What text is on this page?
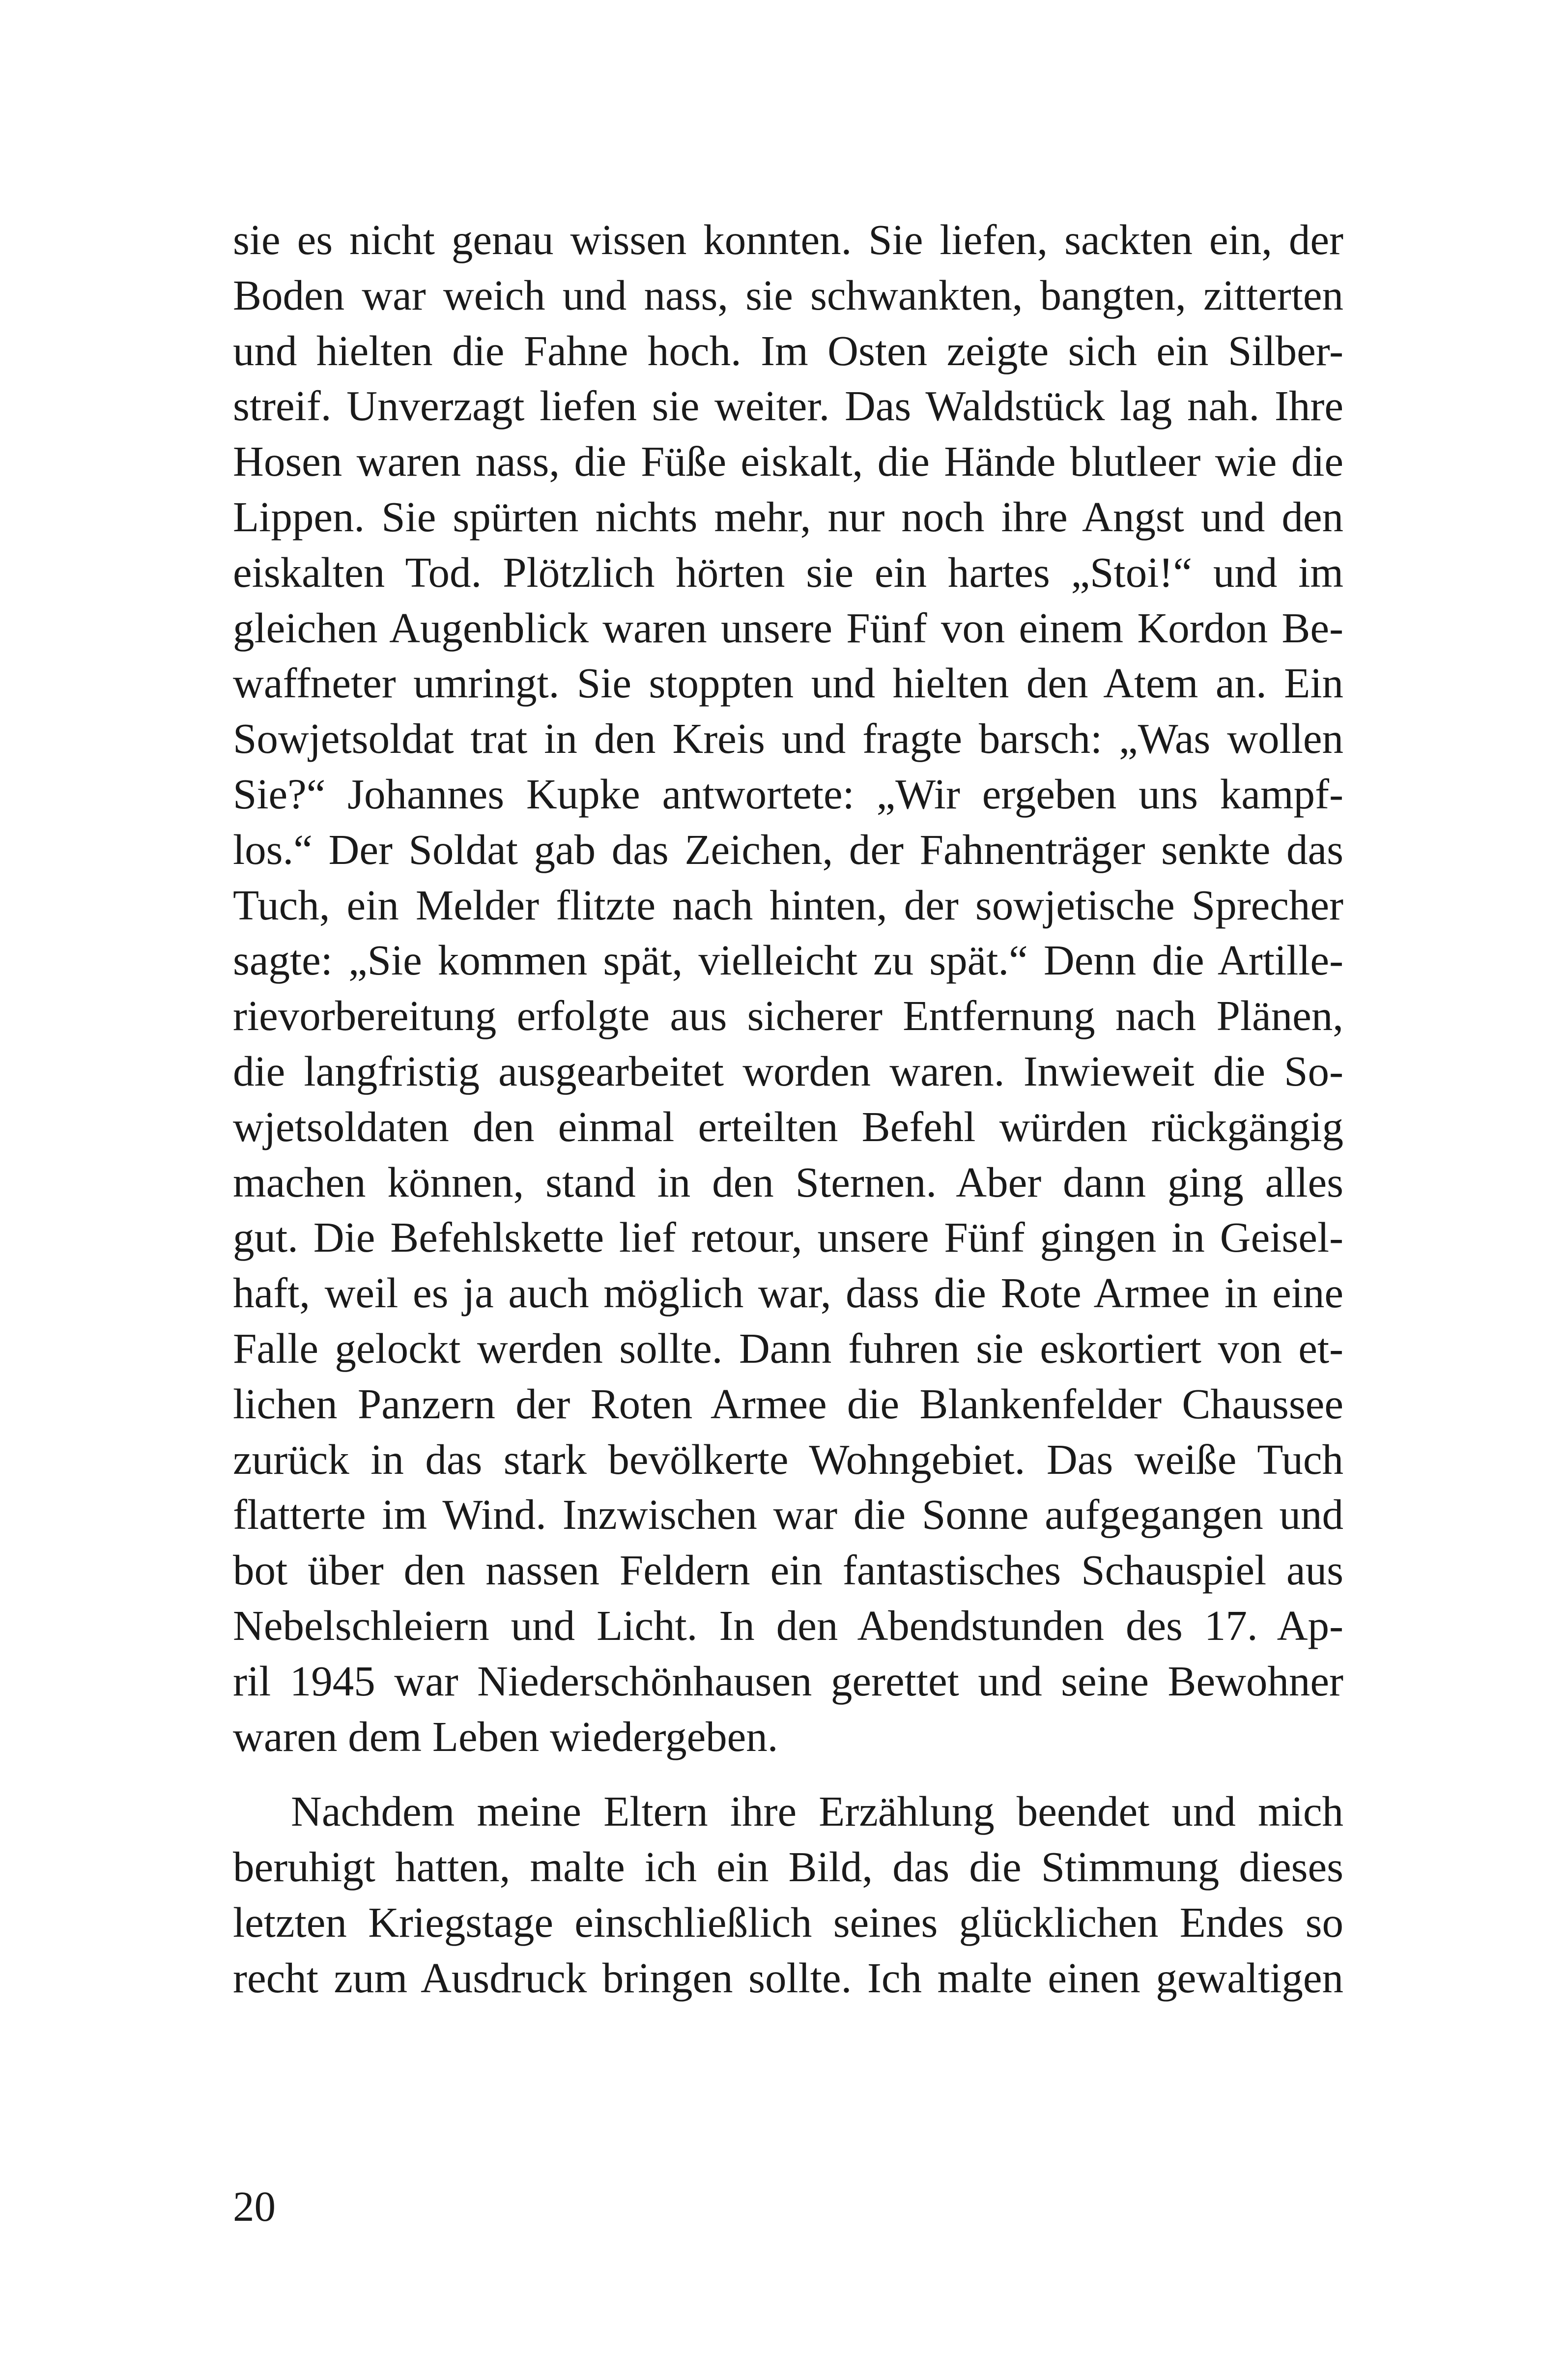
sie es nicht genau wissen konnten. Sie liefen, sackten ein, der
Boden war weich und nass, sie schwankten, bangten, zitterten
und hielten die Fahne hoch. Im Osten zeigte sich ein Silber-
streif. Unverzagt liefen sie weiter. Das Waldstück lag nah. Ihre
Hosen waren nass, die Füße eiskalt, die Hände blutleer wie die
Lippen. Sie spürten nichts mehr, nur noch ihre Angst und den
eiskalten Tod. Plötzlich hörten sie ein hartes „Stoi!“ und im
gleichen Augenblick waren unsere Fünf von einem Kordon Be-
waffneter umringt. Sie stoppten und hielten den Atem an. Ein
Sowjetsoldat trat in den Kreis und fragte barsch: „Was wollen
Sie?“ Johannes Kupke antwortete: „Wir ergeben uns kampf-
los.“ Der Soldat gab das Zeichen, der Fahnenträger senkte das
Tuch, ein Melder flitzte nach hinten, der sowjetische Sprecher
sagte: „Sie kommen spät, vielleicht zu spät.“ Denn die Artille-
rievorbereitung erfolgte aus sicherer Entfernung nach Plänen,
die langfristig ausgearbeitet worden waren. Inwieweit die So-
wjetsoldaten den einmal erteilten Befehl würden rückgängig
machen können, stand in den Sternen. Aber dann ging alles
gut. Die Befehlskette lief retour, unsere Fünf gingen in Geisel-
haft, weil es ja auch möglich war, dass die Rote Armee in eine
Falle gelockt werden sollte. Dann fuhren sie eskortiert von et-
lichen Panzern der Roten Armee die Blankenfelder Chaussee
zurück in das stark bevölkerte Wohngebiet. Das weiße Tuch
flatterte im Wind. Inzwischen war die Sonne aufgegangen und
bot über den nassen Feldern ein fantastisches Schauspiel aus
Nebelschleiern und Licht. In den Abendstunden des 17. Ap-
ril 1945 war Niederschönhausen gerettet und seine Bewohner
waren dem Leben wiedergeben.
Nachdem meine Eltern ihre Erzählung beendet und mich
beruhigt hatten, malte ich ein Bild, das die Stimmung dieses
letzten Kriegstage einschließlich seines glücklichen Endes so
recht zum Ausdruck bringen sollte. Ich malte einen gewaltigen
20
